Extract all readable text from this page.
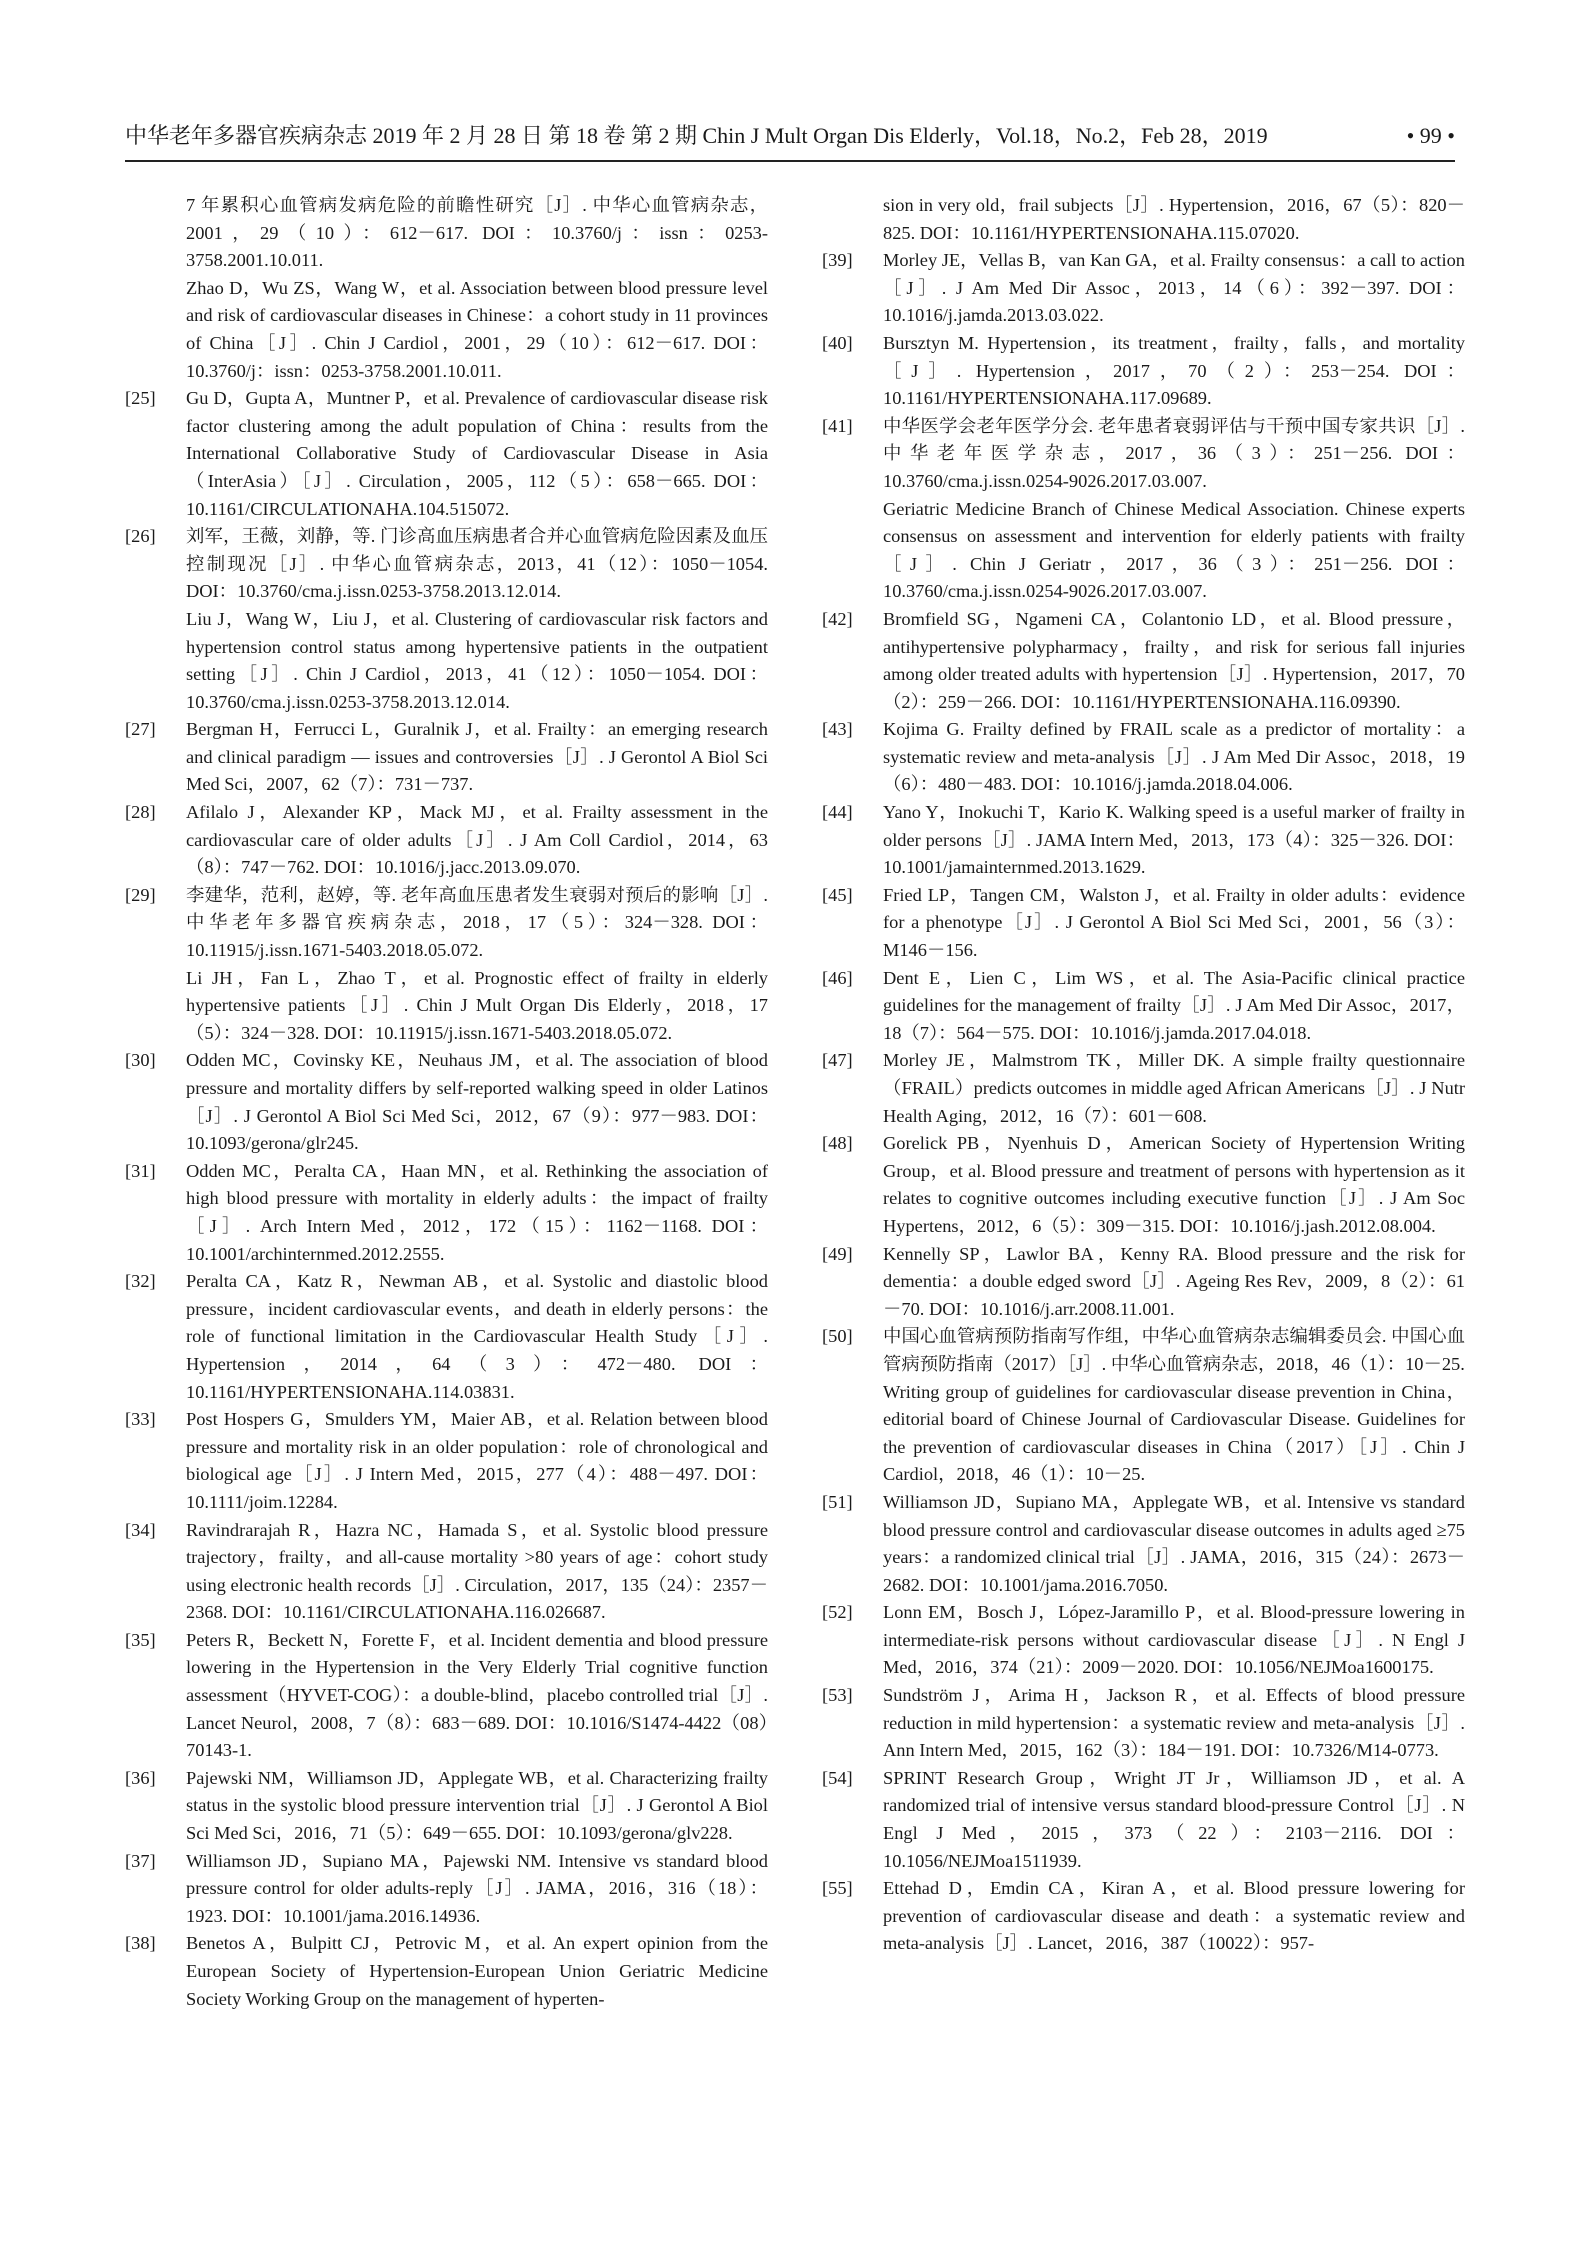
中华老年多器官疾病杂志 2019 年 2 月 28 日 第 18 卷 第 2 期 Chin J Mult Organ Dis Elderly，Vol.18，No.2，Feb 28，2019	• 99 •
7 年累积心血管病发病危险的前瞻性研究［J］. 中华心血管病杂志，2001，29（10）：612－617. DOI：10.3760/j：issn：0253-3758.2001.10.011.
Zhao D，Wu ZS，Wang W，et al. Association between blood pressure level and risk of cardiovascular diseases in Chinese：a cohort study in 11 provinces of China［J］. Chin J Cardiol，2001，29（10）：612－617. DOI：10.3760/j：issn：0253-3758.2001.10.011.
[25] Gu D，Gupta A，Muntner P，et al. Prevalence of cardiovascular disease risk factor clustering among the adult population of China：results from the International Collaborative Study of Cardiovascular Disease in Asia（InterAsia）［J］. Circulation，2005，112（5）：658－665. DOI：10.1161/CIRCULATIONAHA.104.515072.
[26] 刘军，王薇，刘静，等. 门诊高血压病患者合并心血管病危险因素及血压控制现况［J］. 中华心血管病杂志，2013，41（12）：1050－1054. DOI：10.3760/cma.j.issn.0253-3758.2013.12.014.
Liu J，Wang W，Liu J，et al. Clustering of cardiovascular risk factors and hypertension control status among hypertensive patients in the outpatient setting［J］. Chin J Cardiol，2013，41（12）：1050－1054. DOI：10.3760/cma.j.issn.0253-3758.2013.12.014.
[27] Bergman H，Ferrucci L，Guralnik J，et al. Frailty：an emerging research and clinical paradigm — issues and controversies［J］. J Gerontol A Biol Sci Med Sci，2007，62（7）：731－737.
[28] Afilalo J，Alexander KP，Mack MJ，et al. Frailty assessment in the cardiovascular care of older adults［J］. J Am Coll Cardiol，2014，63（8）：747－762. DOI：10.1016/j.jacc.2013.09.070.
[29] 李建华，范利，赵婷，等. 老年高血压患者发生衰弱对预后的影响［J］. 中华老年多器官疾病杂志，2018，17（5）：324－328. DOI：10.11915/j.issn.1671-5403.2018.05.072.
Li JH，Fan L，Zhao T，et al. Prognostic effect of frailty in elderly hypertensive patients［J］. Chin J Mult Organ Dis Elderly，2018，17（5）：324－328. DOI：10.11915/j.issn.1671-5403.2018.05.072.
[30] Odden MC，Covinsky KE，Neuhaus JM，et al. The association of blood pressure and mortality differs by self-reported walking speed in older Latinos［J］. J Gerontol A Biol Sci Med Sci，2012，67（9）：977－983. DOI：10.1093/gerona/glr245.
[31] Odden MC，Peralta CA，Haan MN，et al. Rethinking the association of high blood pressure with mortality in elderly adults：the impact of frailty［J］. Arch Intern Med，2012，172（15）：1162－1168. DOI：10.1001/archinternmed.2012.2555.
[32] Peralta CA，Katz R，Newman AB，et al. Systolic and diastolic blood pressure，incident cardiovascular events，and death in elderly persons：the role of functional limitation in the Cardiovascular Health Study［J］. Hypertension，2014，64（3）：472－480. DOI：10.1161/HYPERTENSIONAHA.114.03831.
[33] Post Hospers G，Smulders YM，Maier AB，et al. Relation between blood pressure and mortality risk in an older population：role of chronological and biological age［J］. J Intern Med，2015，277（4）：488－497. DOI：10.1111/joim.12284.
[34] Ravindrarajah R，Hazra NC，Hamada S，et al. Systolic blood pressure trajectory，frailty，and all-cause mortality >80 years of age：cohort study using electronic health records［J］. Circulation，2017，135（24）：2357－2368. DOI：10.1161/CIRCULATIONAHA.116.026687.
[35] Peters R，Beckett N，Forette F，et al. Incident dementia and blood pressure lowering in the Hypertension in the Very Elderly Trial cognitive function assessment（HYVET-COG）：a double-blind，placebo controlled trial［J］. Lancet Neurol，2008，7（8）：683－689. DOI：10.1016/S1474-4422（08）70143-1.
[36] Pajewski NM，Williamson JD，Applegate WB，et al. Characterizing frailty status in the systolic blood pressure intervention trial［J］. J Gerontol A Biol Sci Med Sci，2016，71（5）：649－655. DOI：10.1093/gerona/glv228.
[37] Williamson JD，Supiano MA，Pajewski NM. Intensive vs standard blood pressure control for older adults-reply［J］. JAMA，2016，316（18）：1923. DOI：10.1001/jama.2016.14936.
[38] Benetos A，Bulpitt CJ，Petrovic M，et al. An expert opinion from the European Society of Hypertension-European Union Geriatric Medicine Society Working Group on the management of hyperten-
sion in very old，frail subjects［J］. Hypertension，2016，67（5）：820－825. DOI：10.1161/HYPERTENSIONAHA.115.07020.
[39] Morley JE，Vellas B，van Kan GA，et al. Frailty consensus：a call to action［J］. J Am Med Dir Assoc，2013，14（6）：392－397. DOI：10.1016/j.jamda.2013.03.022.
[40] Bursztyn M. Hypertension，its treatment，frailty，falls，and mortality［J］. Hypertension，2017，70（2）：253－254. DOI：10.1161/HYPERTENSIONAHA.117.09689.
[41] 中华医学会老年医学分会. 老年患者衰弱评估与干预中国专家共识［J］. 中华老年医学杂志，2017，36（3）：251－256. DOI：10.3760/cma.j.issn.0254-9026.2017.03.007.
Geriatric Medicine Branch of Chinese Medical Association. Chinese experts consensus on assessment and intervention for elderly patients with frailty［J］. Chin J Geriatr，2017，36（3）：251－256. DOI：10.3760/cma.j.issn.0254-9026.2017.03.007.
[42] Bromfield SG，Ngameni CA，Colantonio LD，et al. Blood pressure，antihypertensive polypharmacy，frailty，and risk for serious fall injuries among older treated adults with hypertension［J］. Hypertension，2017，70（2）：259－266. DOI：10.1161/HYPERTENSIONAHA.116.09390.
[43] Kojima G. Frailty defined by FRAIL scale as a predictor of mortality：a systematic review and meta-analysis［J］. J Am Med Dir Assoc，2018，19（6）：480－483. DOI：10.1016/j.jamda.2018.04.006.
[44] Yano Y，Inokuchi T，Kario K. Walking speed is a useful marker of frailty in older persons［J］. JAMA Intern Med，2013，173（4）：325－326. DOI：10.1001/jamainternmed.2013.1629.
[45] Fried LP，Tangen CM，Walston J，et al. Frailty in older adults：evidence for a phenotype［J］. J Gerontol A Biol Sci Med Sci，2001，56（3）：M146－156.
[46] Dent E，Lien C，Lim WS，et al. The Asia-Pacific clinical practice guidelines for the management of frailty［J］. J Am Med Dir Assoc，2017，18（7）：564－575. DOI：10.1016/j.jamda.2017.04.018.
[47] Morley JE，Malmstrom TK，Miller DK. A simple frailty questionnaire（FRAIL）predicts outcomes in middle aged African Americans［J］. J Nutr Health Aging，2012，16（7）：601－608.
[48] Gorelick PB，Nyenhuis D，American Society of Hypertension Writing Group，et al. Blood pressure and treatment of persons with hypertension as it relates to cognitive outcomes including executive function［J］. J Am Soc Hypertens，2012，6（5）：309－315. DOI：10.1016/j.jash.2012.08.004.
[49] Kennelly SP，Lawlor BA，Kenny RA. Blood pressure and the risk for dementia：a double edged sword［J］. Ageing Res Rev，2009，8（2）：61－70. DOI：10.1016/j.arr.2008.11.001.
[50] 中国心血管病预防指南写作组，中华心血管病杂志编辑委员会. 中国心血管病预防指南（2017）［J］. 中华心血管病杂志，2018，46（1）：10－25.
Writing group of guidelines for cardiovascular disease prevention in China，editorial board of Chinese Journal of Cardiovascular Disease. Guidelines for the prevention of cardiovascular diseases in China（2017）［J］. Chin J Cardiol，2018，46（1）：10－25.
[51] Williamson JD，Supiano MA，Applegate WB，et al. Intensive vs standard blood pressure control and cardiovascular disease outcomes in adults aged ≥75 years：a randomized clinical trial［J］. JAMA，2016，315（24）：2673－2682. DOI：10.1001/jama.2016.7050.
[52] Lonn EM，Bosch J，López-Jaramillo P，et al. Blood-pressure lowering in intermediate-risk persons without cardiovascular disease［J］. N Engl J Med，2016，374（21）：2009－2020. DOI：10.1056/NEJMoa1600175.
[53] Sundström J，Arima H，Jackson R，et al. Effects of blood pressure reduction in mild hypertension：a systematic review and meta-analysis［J］. Ann Intern Med，2015，162（3）：184－191. DOI：10.7326/M14-0773.
[54] SPRINT Research Group，Wright JT Jr，Williamson JD，et al. A randomized trial of intensive versus standard blood-pressure Control［J］. N Engl J Med，2015，373（22）：2103－2116. DOI：10.1056/NEJMoa1511939.
[55] Ettehad D，Emdin CA，Kiran A，et al. Blood pressure lowering for prevention of cardiovascular disease and death：a systematic review and meta-analysis［J］. Lancet，2016，387（10022）：957-
